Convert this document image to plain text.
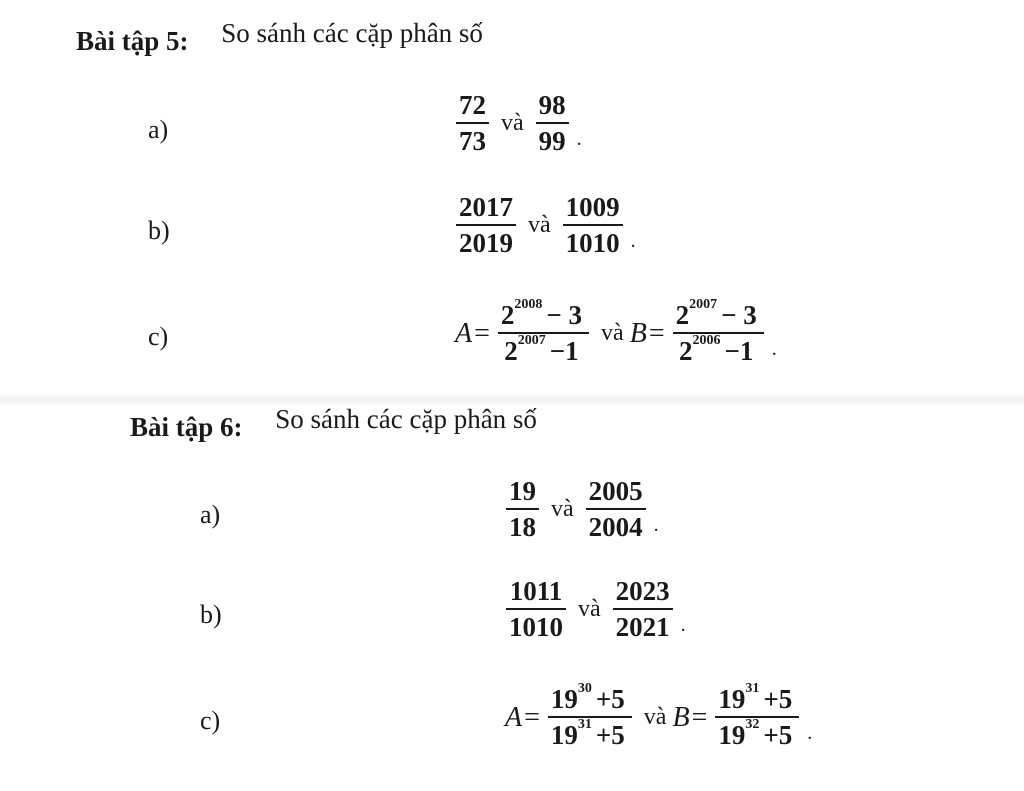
Bài tập 5: So sánh các cặp phân số
a)	$\frac{72}{73}$ và $\frac{98}{99}$ .
b)	$\frac{2017}{2019}$ và $\frac{1009}{1010}$ .
c)	$A = \frac{2^{2008} - 3}{2^{2007} -1}$ và $B = \frac{2^{2007} - 3}{2^{2006} -1}$ .
Bài tập 6: So sánh các cặp phân số
a)	$\frac{19}{18}$ và $\frac{2005}{2004}$ .
b)	$\frac{1011}{1010}$ và $\frac{2023}{2021}$ .
c)	$A = \frac{19^{30} +5}{19^{31} +5}$ và $B = \frac{19^{31} +5}{19^{32} +5}$ .
